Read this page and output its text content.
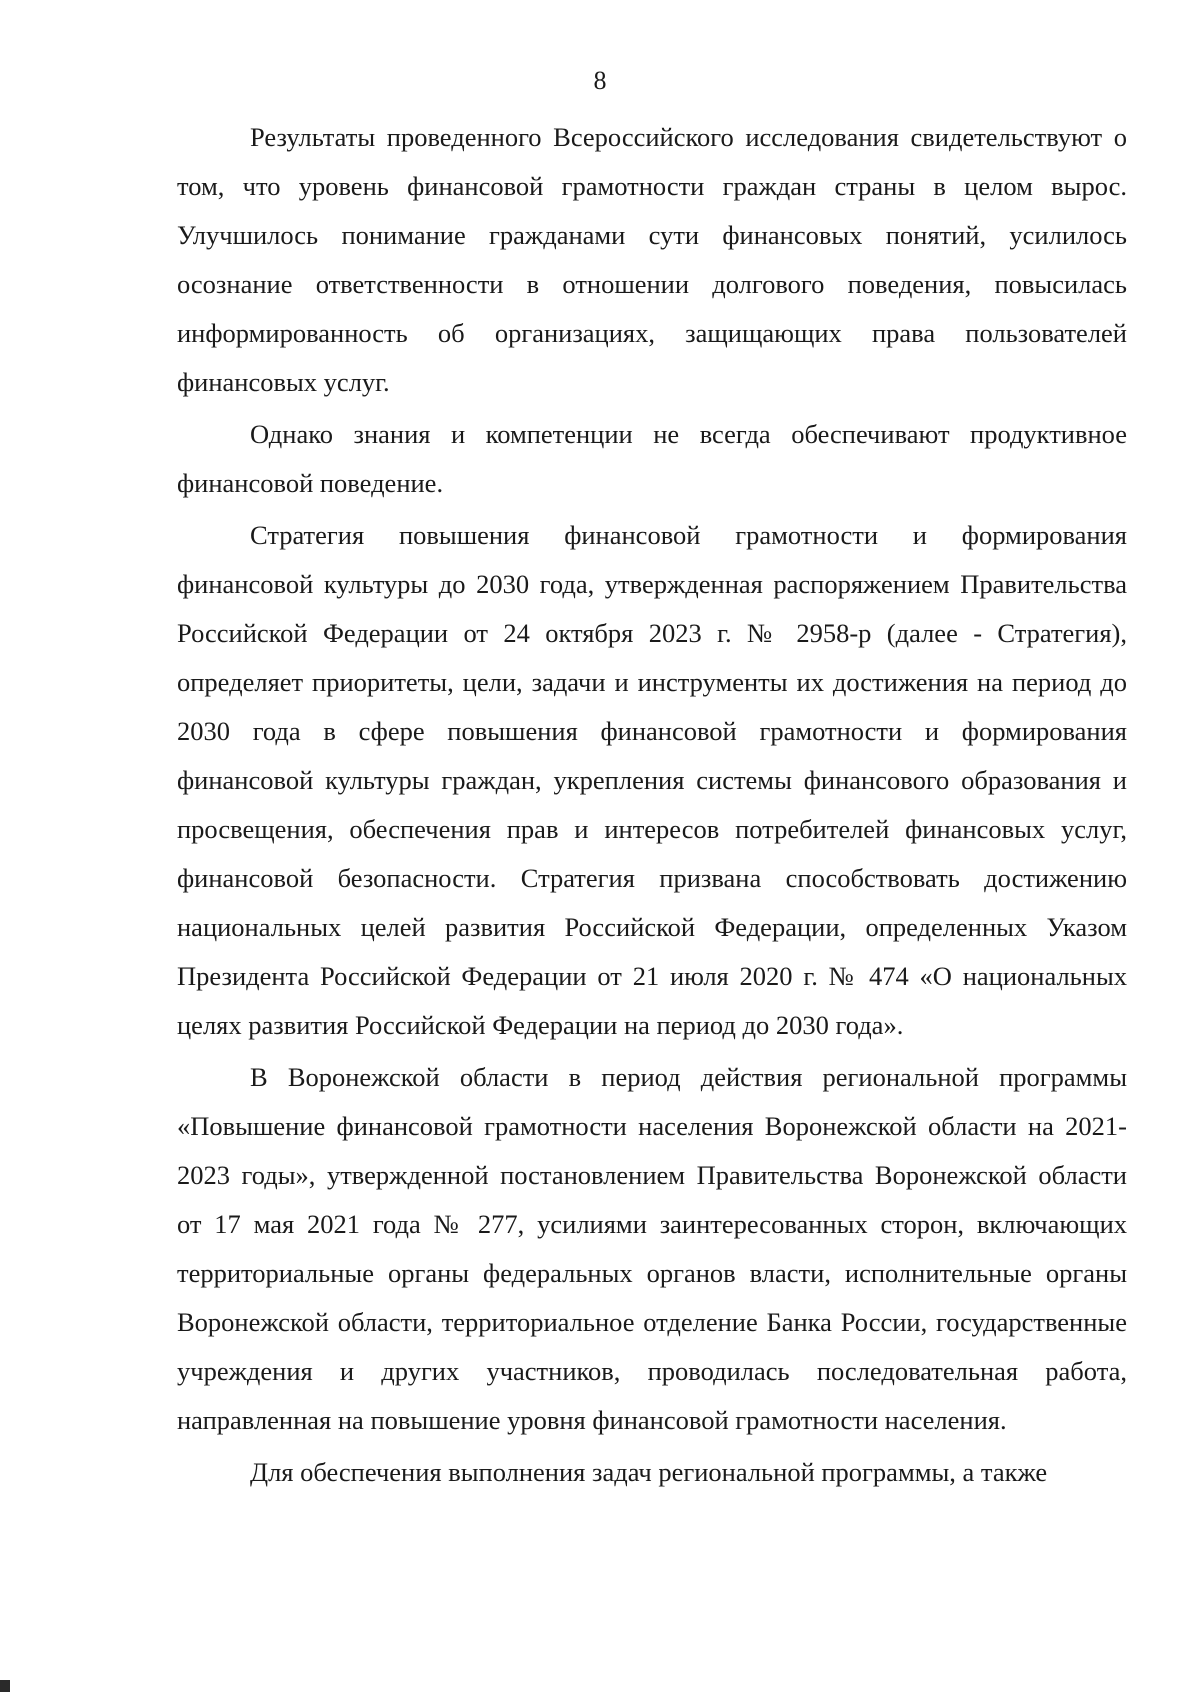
8

Результаты проведенного Всероссийского исследования свидетельствуют о том, что уровень финансовой грамотности граждан страны в целом вырос. Улучшилось понимание гражданами сути финансовых понятий, усилилось осознание ответственности в отношении долгового поведения, повысилась информированность об организациях, защищающих права пользователей финансовых услуг.

Однако знания и компетенции не всегда обеспечивают продуктивное финансовой поведение.

Стратегия повышения финансовой грамотности и формирования финансовой культуры до 2030 года, утвержденная распоряжением Правительства Российской Федерации от 24 октября 2023 г. № 2958-р (далее - Стратегия), определяет приоритеты, цели, задачи и инструменты их достижения на период до 2030 года в сфере повышения финансовой грамотности и формирования финансовой культуры граждан, укрепления системы финансового образования и просвещения, обеспечения прав и интересов потребителей финансовых услуг, финансовой безопасности. Стратегия призвана способствовать достижению национальных целей развития Российской Федерации, определенных Указом Президента Российской Федерации от 21 июля 2020 г. № 474 «О национальных целях развития Российской Федерации на период до 2030 года».

В Воронежской области в период действия региональной программы «Повышение финансовой грамотности населения Воронежской области на 2021-2023 годы», утвержденной постановлением Правительства Воронежской области от 17 мая 2021 года № 277, усилиями заинтересованных сторон, включающих территориальные органы федеральных органов власти, исполнительные органы Воронежской области, территориальное отделение Банка России, государственные учреждения и других участников, проводилась последовательная работа, направленная на повышение уровня финансовой грамотности населения.

Для обеспечения выполнения задач региональной программы, а также
